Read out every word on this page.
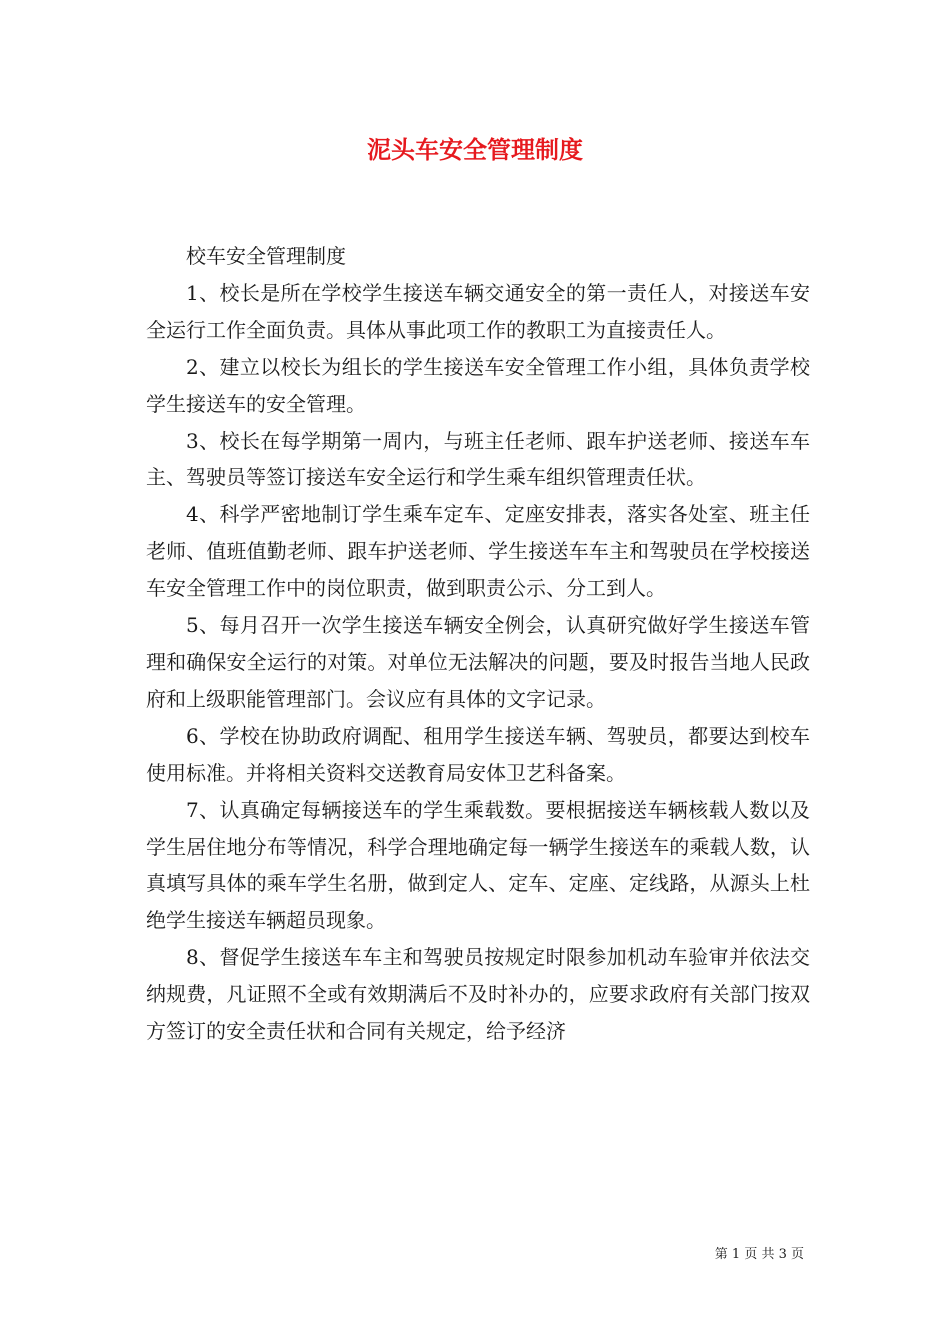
泥头车安全管理制度

校车安全管理制度

1、校长是所在学校学生接送车辆交通安全的第一责任人，对接送车安全运行工作全面负责。具体从事此项工作的教职工为直接责任人。

2、建立以校长为组长的学生接送车安全管理工作小组，具体负责学校学生接送车的安全管理。

3、校长在每学期第一周内，与班主任老师、跟车护送老师、接送车车主、驾驶员等签订接送车安全运行和学生乘车组织管理责任状。

4、科学严密地制订学生乘车定车、定座安排表，落实各处室、班主任老师、值班值勤老师、跟车护送老师、学生接送车车主和驾驶员在学校接送车安全管理工作中的岗位职责，做到职责公示、分工到人。

5、每月召开一次学生接送车辆安全例会，认真研究做好学生接送车管理和确保安全运行的对策。对单位无法解决的问题，要及时报告当地人民政府和上级职能管理部门。会议应有具体的文字记录。

6、学校在协助政府调配、租用学生接送车辆、驾驶员，都要达到校车使用标准。并将相关资料交送教育局安体卫艺科备案。

7、认真确定每辆接送车的学生乘载数。要根据接送车辆核载人数以及学生居住地分布等情况，科学合理地确定每一辆学生接送车的乘载人数，认真填写具体的乘车学生名册，做到定人、定车、定座、定线路，从源头上杜绝学生接送车辆超员现象。

8、督促学生接送车车主和驾驶员按规定时限参加机动车验审并依法交纳规费，凡证照不全或有效期满后不及时补办的，应要求政府有关部门按双方签订的安全责任状和合同有关规定，给予经济

第 1 页 共 3 页
